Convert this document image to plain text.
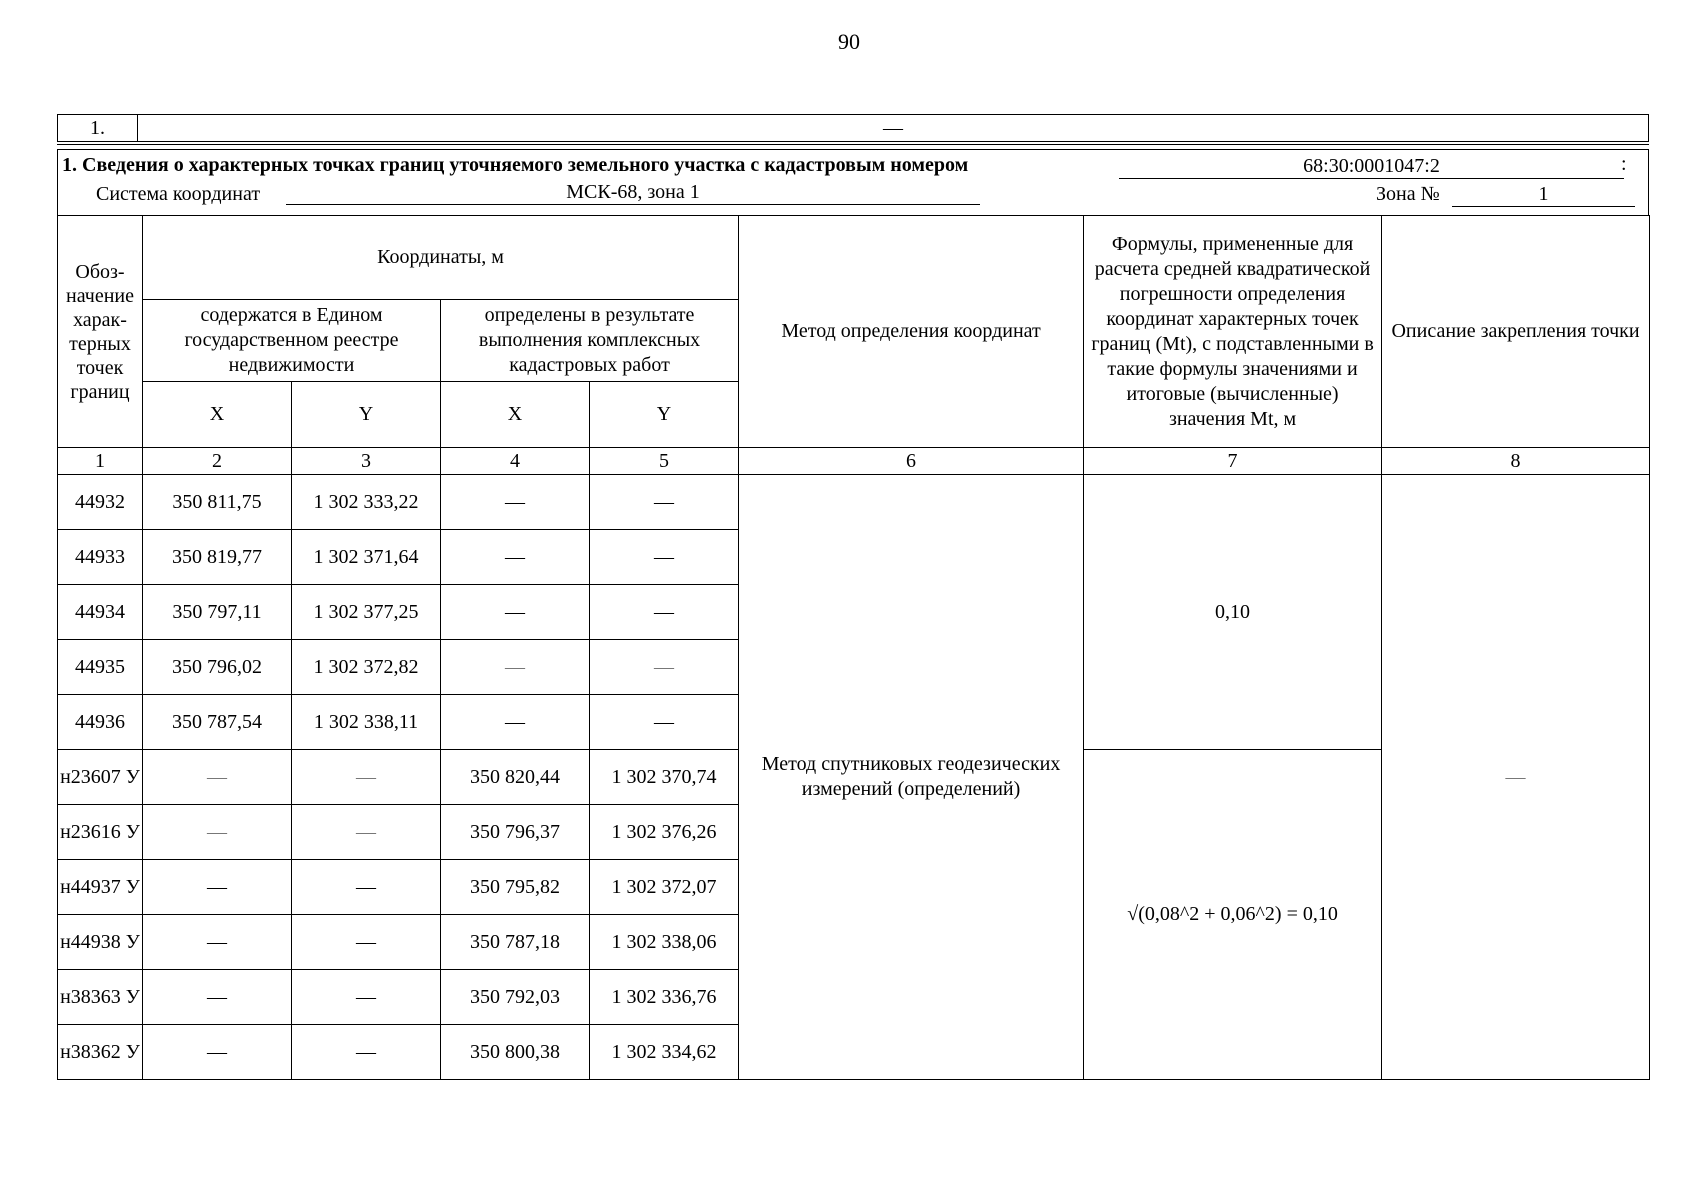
90
1.	—
1. Сведения о характерных точках границ уточняемого земельного участка с кадастровым номером	68:30:0001047:2	:
Система координат	МСК-68, зона 1	Зона №	1
Обоз-начение харак-терных точек границ	Координаты, м				Метод определения координат	Формулы, примененные для расчета средней квадратической погрешности определения координат характерных точек границ (Mt), с подставленными в такие формулы значениями и итоговые (вычисленные) значения Mt, м	Описание закрепления точки
	содержатся в Едином государственном реестре недвижимости		определены в результате выполнения комплексных кадастровых работ				
	X	Y	X	Y			
1	2	3	4	5	6	7	8
44932	350 811,75	1 302 333,22	—	—	Метод спутниковых геодезических измерений (определений)	0,10	—
44933	350 819,77	1 302 371,64	—	—			
44934	350 797,11	1 302 377,25	—	—			
44935	350 796,02	1 302 372,82	—	—			
44936	350 787,54	1 302 338,11	—	—			
н23607 У	—	—	350 820,44	1 302 370,74		√(0,08^2 + 0,06^2) = 0,10	
н23616 У	—	—	350 796,37	1 302 376,26			
н44937 У	—	—	350 795,82	1 302 372,07			
н44938 У	—	—	350 787,18	1 302 338,06			
н38363 У	—	—	350 792,03	1 302 336,76			
н38362 У	—	—	350 800,38	1 302 334,62			
